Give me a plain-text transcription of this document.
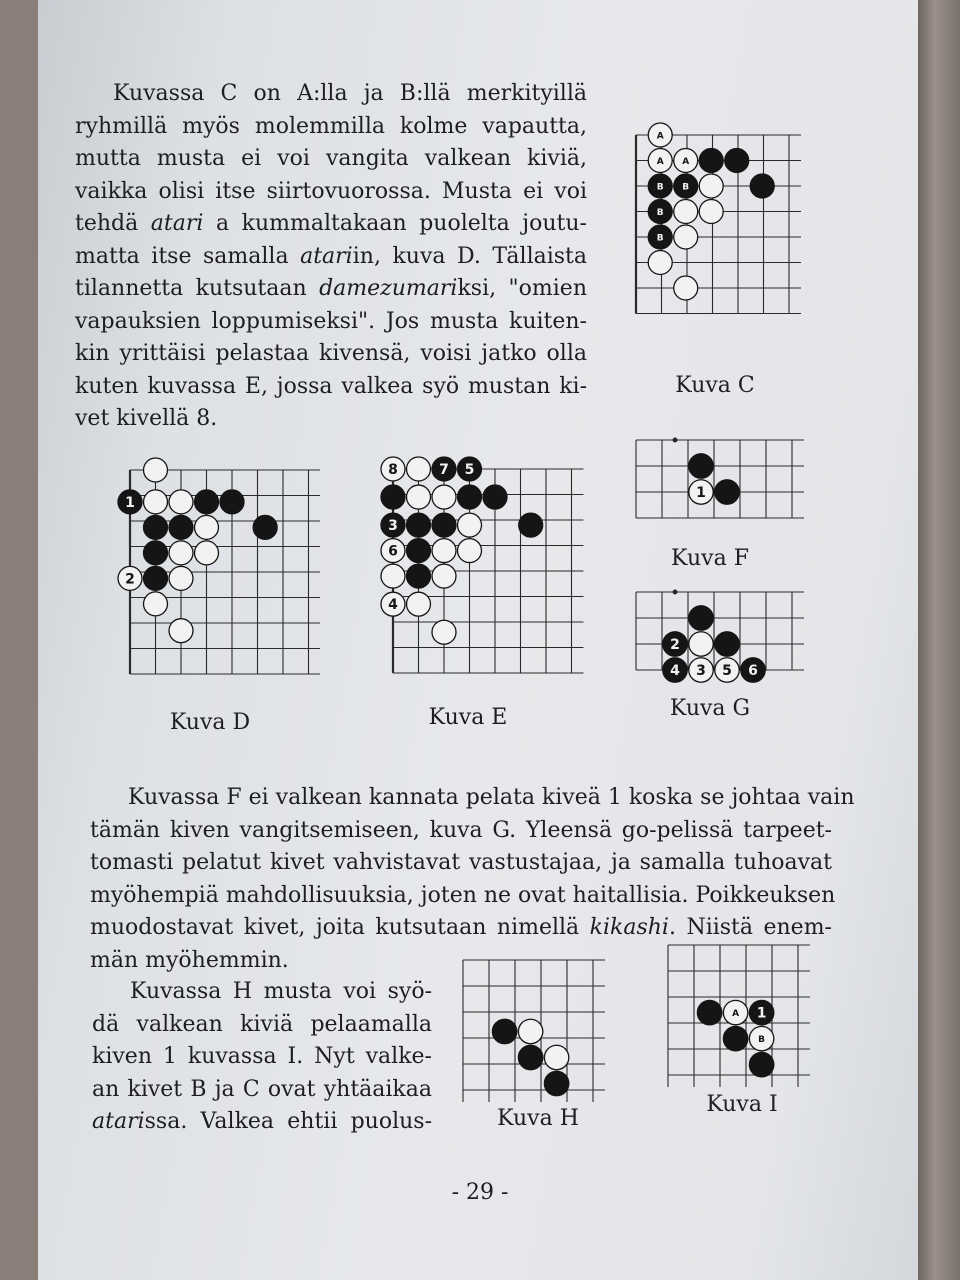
Kuvassa C on A:lla ja B:llä merkityillä
ryhmillä myös molemmilla kolme vapautta,
mutta musta ei voi vangita valkean kiviä,
vaikka olisi itse siirtovuorossa. Musta ei voi
tehdä atari a kummaltakaan puolelta joutu-
matta itse samalla atariin, kuva D. Tällaista
tilannetta kutsutaan damezumariksi, "omien
vapauksien loppumiseksi". Jos musta kuiten-
kin yrittäisi pelastaa kivensä, voisi jatko olla
kuten kuvassa E, jossa valkea syö mustan ki-
vet kivellä 8.
A
A A
B B
B
B
Kuva C
1
Kuva F
2
4 3 5 6
Kuva G
1
2
Kuva D
8	7 5
3
6
4
Kuva E
Kuvassa F ei valkean kannata pelata kiveä 1 koska se johtaa vain
tämän kiven vangitsemiseen, kuva G. Yleensä go-pelissä tarpeet-
tomasti pelatut kivet vahvistavat vastustajaa, ja samalla tuhoavat
myöhempiä mahdollisuuksia, joten ne ovat haitallisia. Poikkeuksen
muodostavat kivet, joita kutsutaan nimellä kikashi. Niistä enem-
män myöhemmin.
Kuvassa H musta voi syö-
dä valkean kiviä pelaamalla
kiven 1 kuvassa I. Nyt valke-
an kivet B ja C ovat yhtäaikaa
atarissa. Valkea ehtii puolus-	Kuva H
A 1
B
Kuva I
- 29 -
